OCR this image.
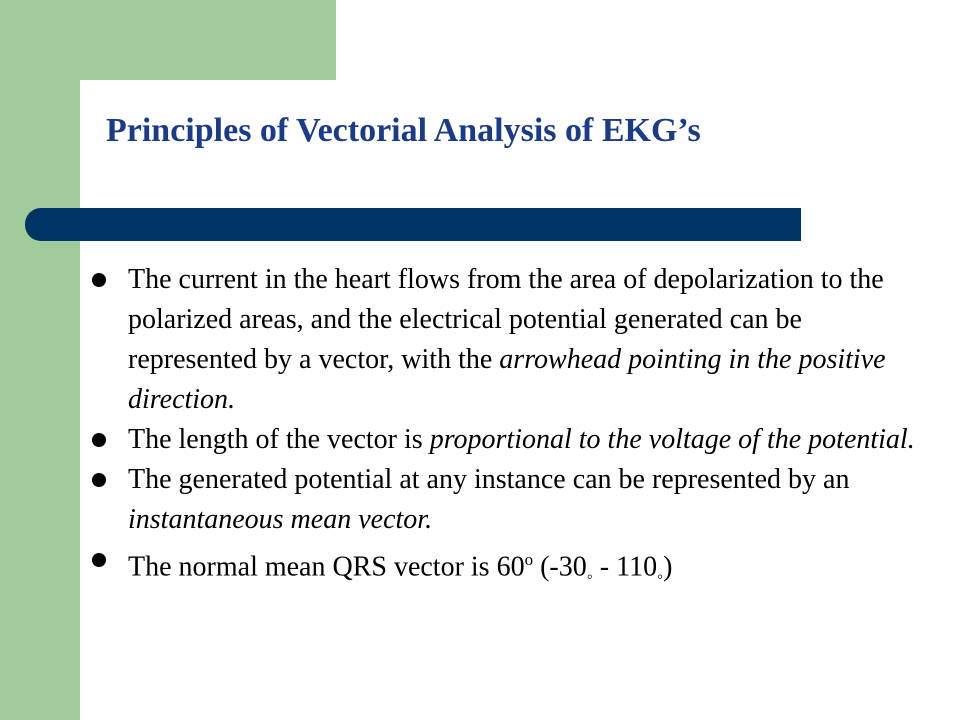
Principles of Vectorial Analysis of EKG’s
The current in the heart flows from the area of depolarization to the polarized areas, and the electrical potential generated can be represented by a vector, with the arrowhead pointing in the positive direction.
The length of the vector is proportional to the voltage of the potential.
The generated potential at any instance can be represented by an instantaneous mean vector.
The normal mean QRS vector is 60$^o$ $(-30_◦ - 110_◦)$
